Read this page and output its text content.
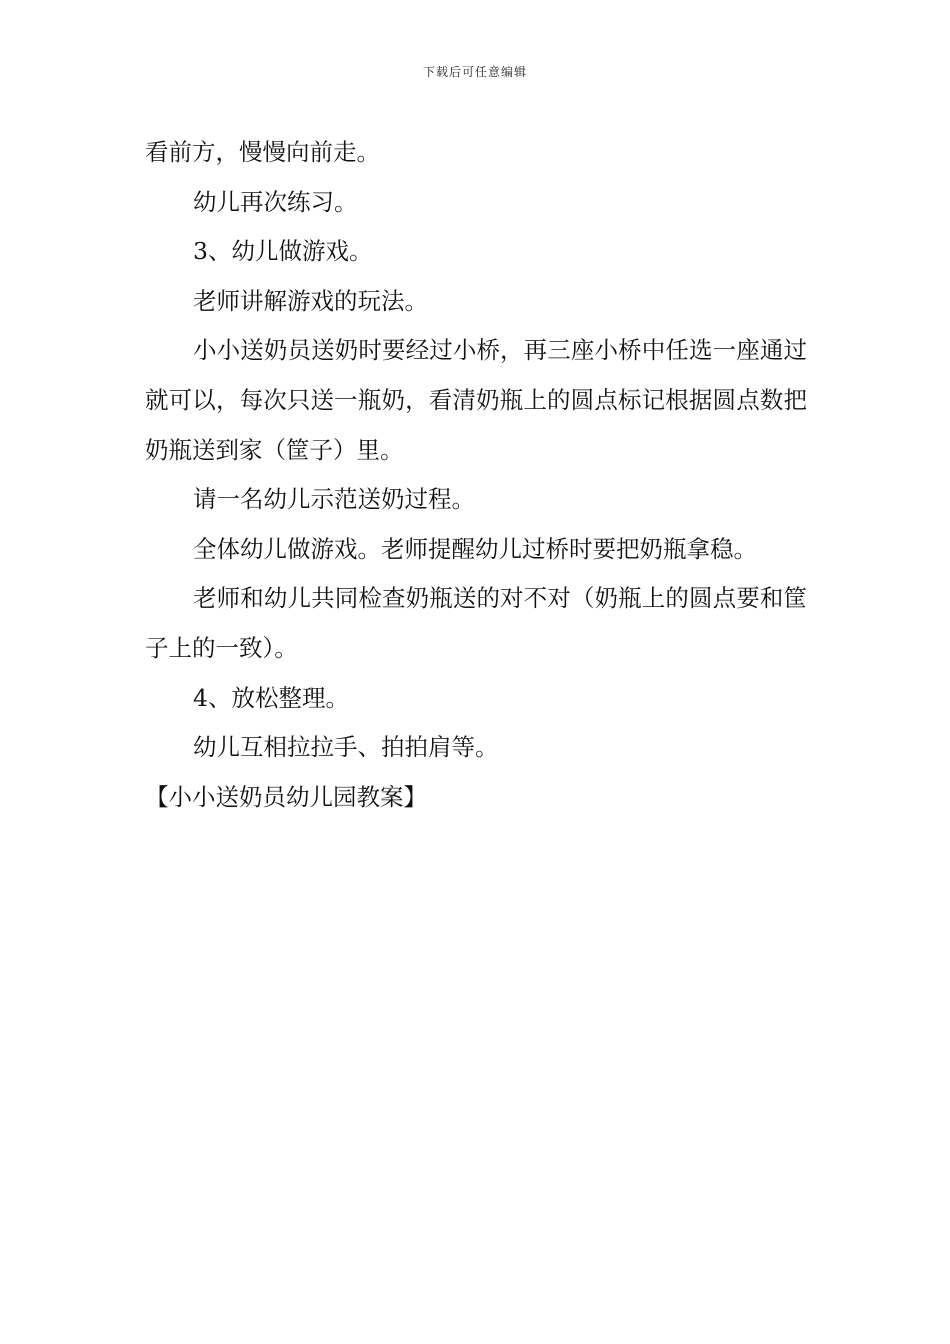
下载后可任意编辑

看前方，慢慢向前走。

幼儿再次练习。

3、幼儿做游戏。

老师讲解游戏的玩法。

小小送奶员送奶时要经过小桥，再三座小桥中任选一座通过就可以，每次只送一瓶奶，看清奶瓶上的圆点标记根据圆点数把奶瓶送到家（筐子）里。

请一名幼儿示范送奶过程。

全体幼儿做游戏。老师提醒幼儿过桥时要把奶瓶拿稳。

老师和幼儿共同检查奶瓶送的对不对（奶瓶上的圆点要和筐子上的一致）。

4、放松整理。

幼儿互相拉拉手、拍拍肩等。

【小小送奶员幼儿园教案】
